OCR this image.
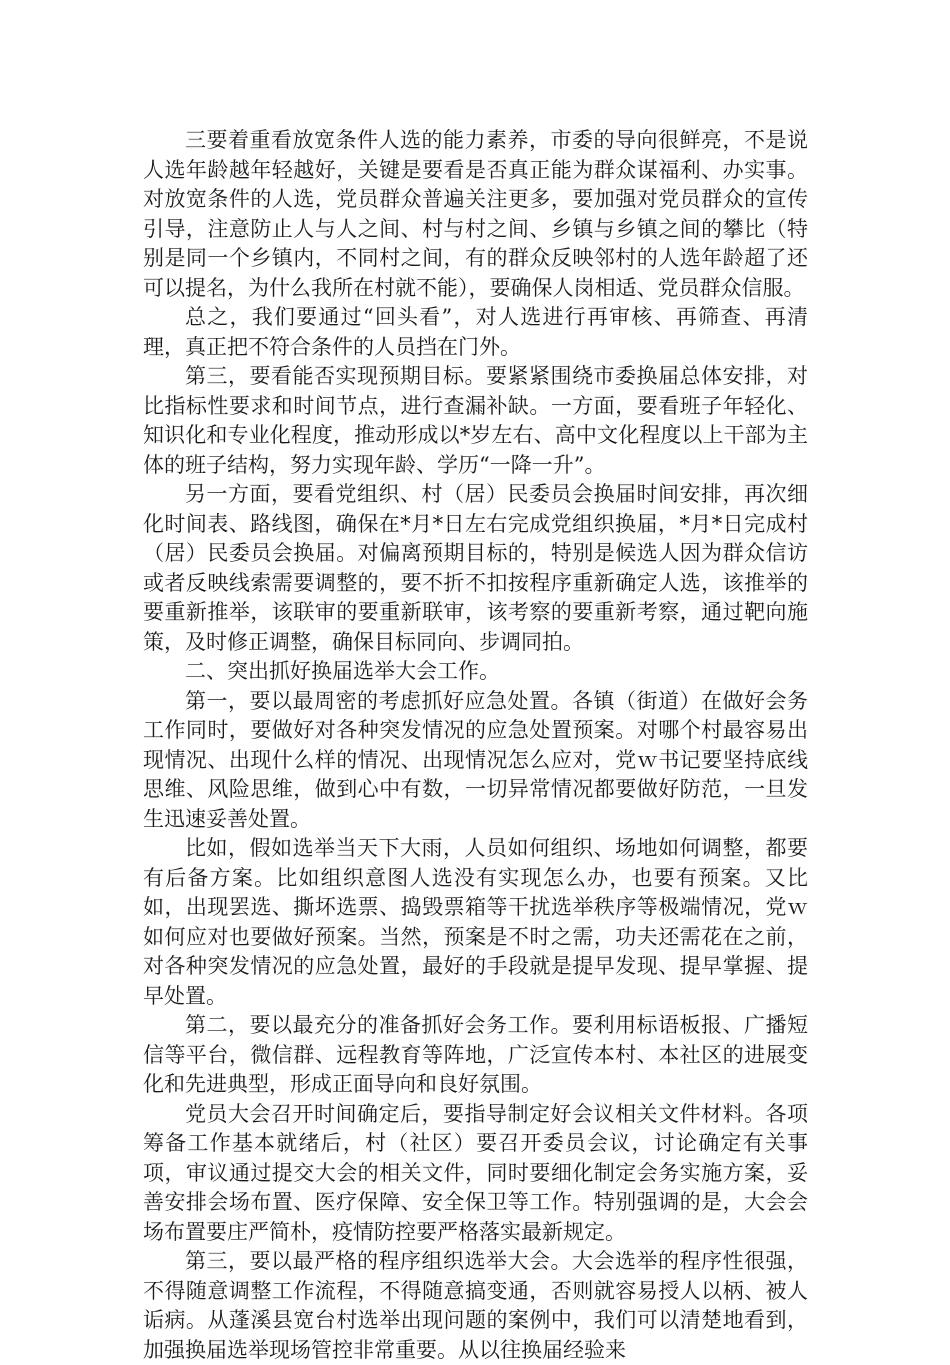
三要着重看放宽条件人选的能力素养，市委的导向很鲜亮，不是说人选年龄越年轻越好，关键是要看是否真正能为群众谋福利、办实事。对放宽条件的人选，党员群众普遍关注更多，要加强对党员群众的宣传引导，注意防止人与人之间、村与村之间、乡镇与乡镇之间的攀比（特别是同一个乡镇内，不同村之间，有的群众反映邻村的人选年龄超了还可以提名，为什么我所在村就不能），要确保人岗相适、党员群众信服。

总之，我们要通过“回头看”，对人选进行再审核、再筛查、再清理，真正把不符合条件的人员挡在门外。

第三，要看能否实现预期目标。要紧紧围绕市委换届总体安排，对比指标性要求和时间节点，进行查漏补缺。一方面，要看班子年轻化、知识化和专业化程度，推动形成以*岁左右、高中文化程度以上干部为主体的班子结构，努力实现年龄、学历“一降一升”。

另一方面，要看党组织、村（居）民委员会换届时间安排，再次细化时间表、路线图，确保在*月*日左右完成党组织换届，*月*日完成村（居）民委员会换届。对偏离预期目标的，特别是候选人因为群众信访或者反映线索需要调整的，要不折不扣按程序重新确定人选，该推举的要重新推举，该联审的要重新联审，该考察的要重新考察，通过靶向施策，及时修正调整，确保目标同向、步调同拍。

二、突出抓好换届选举大会工作。

第一，要以最周密的考虑抓好应急处置。各镇（街道）在做好会务工作同时，要做好对各种突发情况的应急处置预案。对哪个村最容易出现情况、出现什么样的情况、出现情况怎么应对，党ｗ书记要坚持底线思维、风险思维，做到心中有数，一切异常情况都要做好防范，一旦发生迅速妥善处置。

比如，假如选举当天下大雨，人员如何组织、场地如何调整，都要有后备方案。比如组织意图人选没有实现怎么办，也要有预案。又比如，出现罢选、撕坏选票、捣毁票箱等干扰选举秩序等极端情况，党ｗ如何应对也要做好预案。当然，预案是不时之需，功夫还需花在之前，对各种突发情况的应急处置，最好的手段就是提早发现、提早掌握、提早处置。

第二，要以最充分的准备抓好会务工作。要利用标语板报、广播短信等平台，微信群、远程教育等阵地，广泛宣传本村、本社区的进展变化和先进典型，形成正面导向和良好氛围。

党员大会召开时间确定后，要指导制定好会议相关文件材料。各项筹备工作基本就绪后，村（社区）要召开委员会议，讨论确定有关事项，审议通过提交大会的相关文件，同时要细化制定会务实施方案，妥善安排会场布置、医疗保障、安全保卫等工作。特别强调的是，大会会场布置要庄严简朴，疫情防控要严格落实最新规定。

第三，要以最严格的程序组织选举大会。大会选举的程序性很强，不得随意调整工作流程，不得随意搞变通，否则就容易授人以柄、被人诟病。从蓬溪县宽台村选举出现问题的案例中，我们可以清楚地看到，加强换届选举现场管控非常重要。从以往换届经验来
